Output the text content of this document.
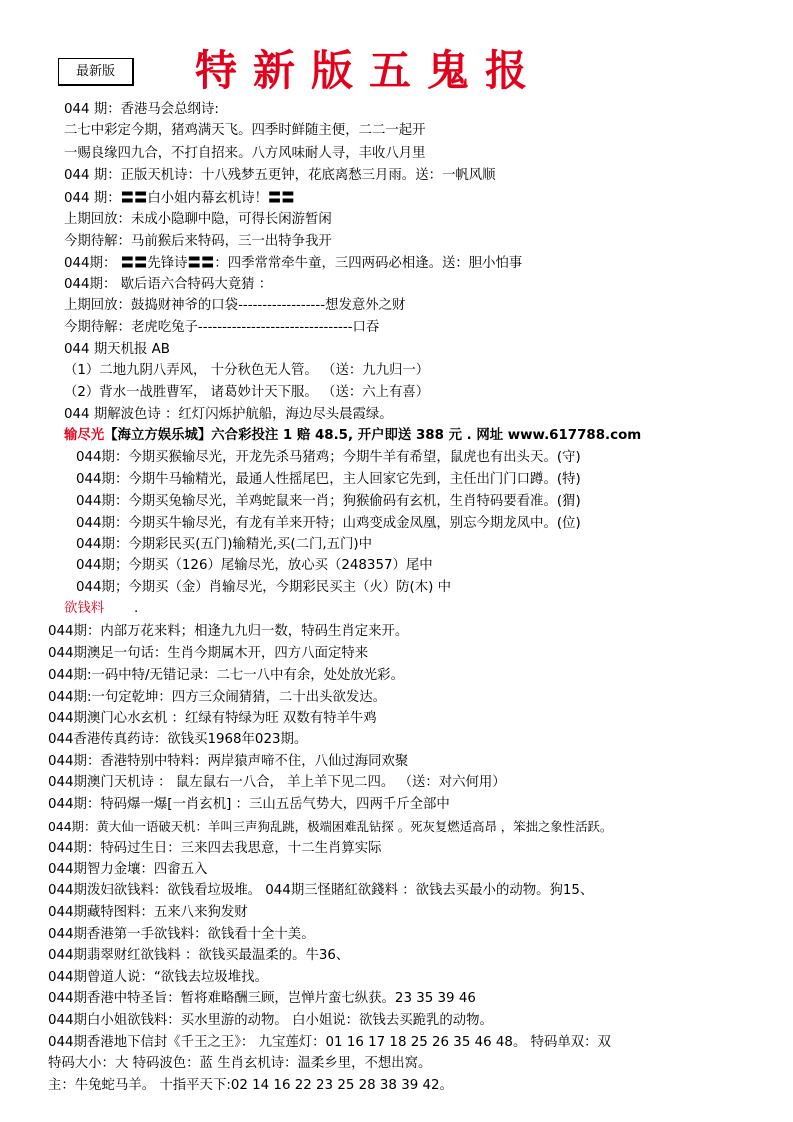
最新版	特新版五鬼报
044 期：香港马会总纲诗:
二七中彩定今期，猪鸡满天飞。四季时鲜随主便，二二一起开
一赐良缘四九合，不打自招来。八方风味耐人寻，丰收八月里
044 期：正版天机诗：十八残梦五更钟，花底离愁三月雨。送：一帆风顺
044 期：〓〓白小姐内幕玄机诗！〓〓
上期回放：未成小隐聊中隐，可得长闲游暂闲
今期待解：马前猴后来特码，三一出特争我开
044期： 〓〓先锋诗〓〓：四季常常牵牛童，三四两码必相逢。送：胆小怕事
044期： 歇后语六合特码大竟猜 ：
上期回放：鼓捣财神爷的口袋------------------想发意外之财
今期待解：老虎吃兔子--------------------------------口吞
044 期天机报 AB
（1）二地九阴八弄风， 十分秋色无人管。 （送：九九归一）
（2）背水一战胜曹军， 诸葛妙计天下服。 （送：六上有喜）
044 期解波色诗 ：红灯闪烁护航船，海边尽头晨霞绿。
输尽光【海立方娱乐城】六合彩投注 1 赔 48.5, 开户即送 388 元 . 网址 www.617788.com
044期：今期买猴输尽光，开龙先杀马猪鸡；今期牛羊有希望，鼠虎也有出头天。(守)
044期：今期牛马输精光，最通人性摇尾巴，主人回家它先到，主任出门门口蹲。(特)
044期：今期买兔输尽光，羊鸡蛇鼠来一肖；狗猴偷码有玄机，生肖特码要看准。(猬)
044期：今期买牛输尽光，有龙有羊来开特；山鸡变成金凤凰，别忘今期龙凤中。(位)
044期：今期彩民买(五门)输精光,买(二门,五门)中
044期；今期买（126）尾输尽光，放心买（248357）尾中
044期；今期买（金）肖输尽光，今期彩民买主（火）防(木) 中
欲钱料 .
044期：内部万花来料；相逢九九归一数，特码生肖定来开。
044期澳足一句话：生肖今期属木开，四方八面定特来
044期:一码中特/无错记录：二七一八中有余，处处放光彩。
044期:一句定乾坤：四方三众闹猜猜，二十出头欲发达。
044期澳门心水玄机 ：红绿有特绿为旺 双数有特羊牛鸡
044香港传真药诗：欲钱买1968年023期。
044期：香港特别中特料：两岸猿声啼不住，八仙过海同欢聚
044期澳门天机诗 ： 鼠左鼠右一八合， 羊上羊下见二四。 （送：对六何用）
044期：特码爆一爆[一肖玄机] ：三山五岳气势大，四两千斤全部中
044期：黄大仙一语破天机：羊叫三声狗乱跳，极端困难乱钻探 。死灰复燃适高昂 ，笨拙之象性活跃。
044期：特码过生日：三来四去我思意，十二生肖算实际
044期智力金壤：四畲五入
044期泼妇欲钱料：欲钱看垃圾堆。 044期三怪賭紅欲錢料 ：欲钱去买最小的动物。狗15、
044期藏特图料：五来八来狗发财
044期香港第一手欲钱料：欲钱看十全十美。
044期翡翠财红欲钱料 ：欲钱买最温柔的。牛36、
044期曾道人说：“欲钱去垃圾堆找。
044期香港中特圣旨：暂将难略酬三顾，岂惮片蛮七纵获。23 35 39 46
044期白小姐欲钱料：买水里游的动物。 白小姐说：欲钱去买跪乳的动物。
044期香港地下信封《千王之王》： 九宝莲灯：01 16 17 18 25 26 35 46 48。 特码单双：双
特码大小：大 特码波色：蓝 生肖玄机诗：温柔乡里，不想出窝。
主：牛兔蛇马羊。 十指平天下:02 14 16 22 23 25 28 38 39 42。
